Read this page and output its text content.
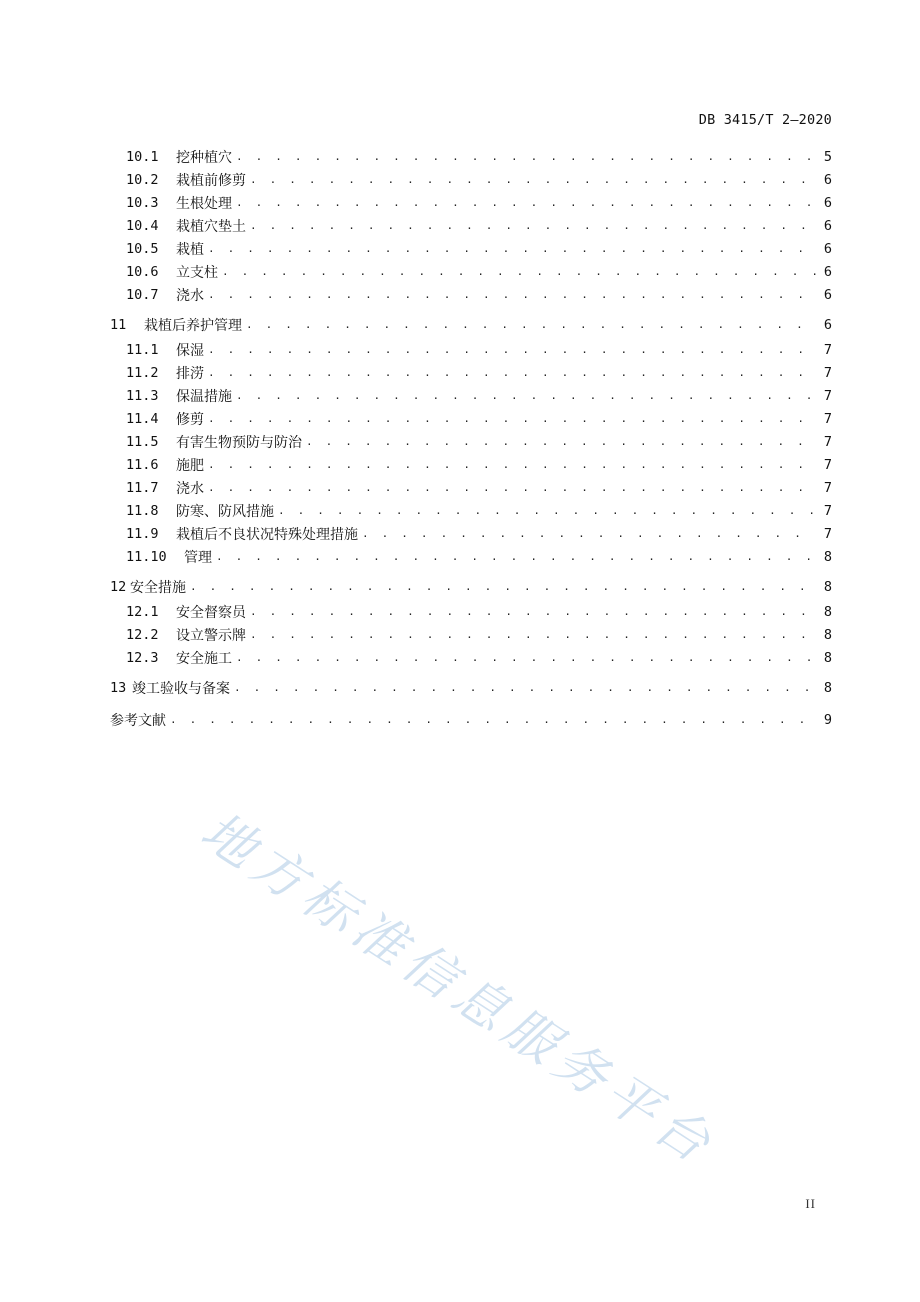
DB 3415/T 2—2020
10.1	挖种植穴 . . .	5
10.2	栽植前修剪 . . .	6
10.3	生根处理 . . .	6
10.4	栽植穴垫土 . . .	6
10.5	栽植 . . .	6
10.6	立支柱 . . .	6
10.7	浇水 . . .	6
11	栽植后养护管理 . . .	6
11.1	保湿 . . .	7
11.2	排涝 . . .	7
11.3	保温措施 . . .	7
11.4	修剪 . . .	7
11.5	有害生物预防与防治 . . .	7
11.6	施肥 . . .	7
11.7	浇水 . . .	7
11.8	防寒、防风措施 . . .	7
11.9	栽植后不良状况特殊处理措施 . . .	7
11.10	管理 . . .	8
12 安全措施 . . .	8
12.1	安全督察员 . . .	8
12.2	设立警示牌 . . .	8
12.3	安全施工 . . .	8
13 竣工验收与备案 . . .	8
参考文献 . . .	9
地方标准信息服务平台
II
